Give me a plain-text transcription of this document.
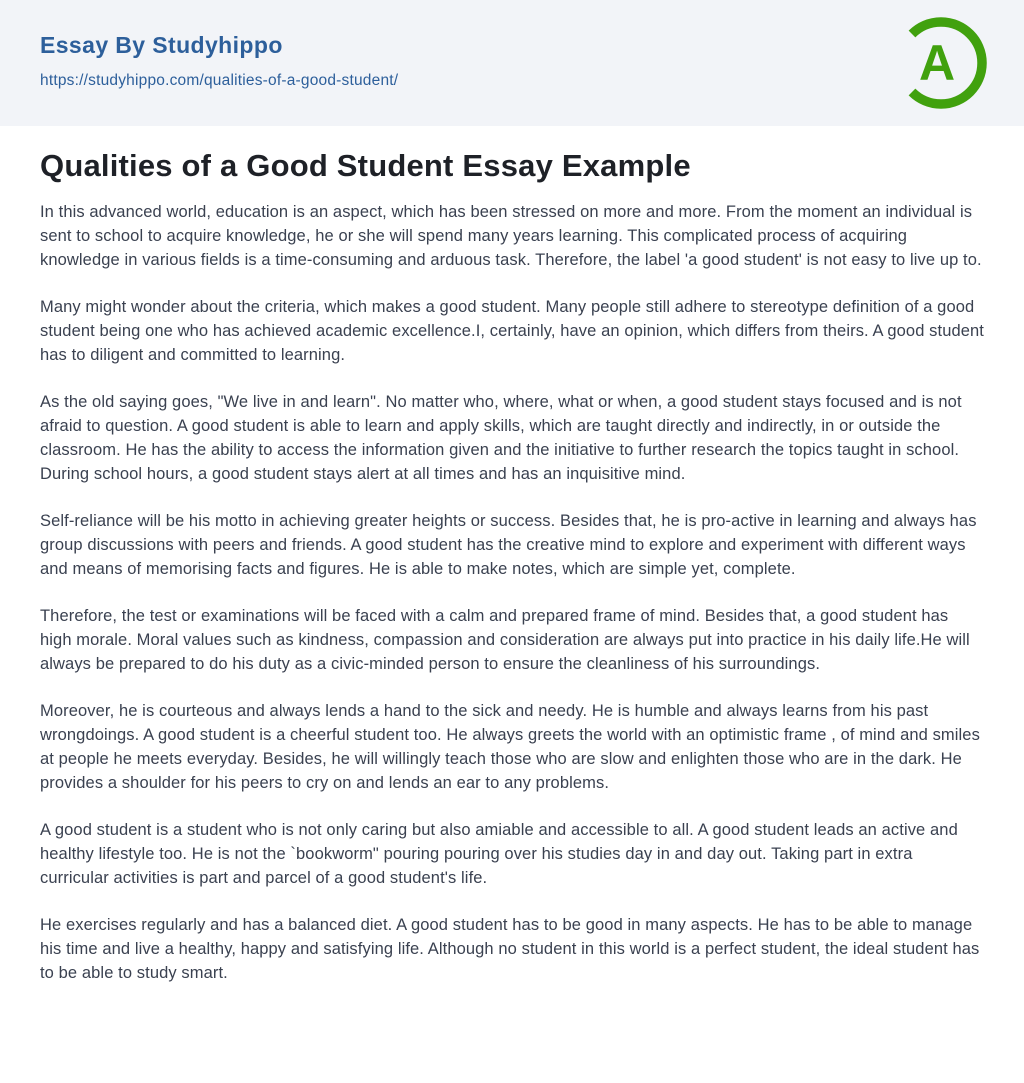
Essay By Studyhippo
https://studyhippo.com/qualities-of-a-good-student/	A
Qualities of a Good Student Essay Example

In this advanced world, education is an aspect, which has been stressed on more and more. From the moment an individual is sent to school to acquire knowledge, he or she will spend many years learning. This complicated process of acquiring knowledge in various fields is a time-consuming and arduous task. Therefore, the label 'a good student' is not easy to live up to.

Many might wonder about the criteria, which makes a good student. Many people still adhere to stereotype definition of a good student being one who has achieved academic excellence.I, certainly, have an opinion, which differs from theirs. A good student has to diligent and committed to learning.

As the old saying goes, "We live in and learn". No matter who, where, what or when, a good student stays focused and is not afraid to question. A good student is able to learn and apply skills, which are taught directly and indirectly, in or outside the classroom. He has the ability to access the information given and the initiative to further research the topics taught in school. During school hours, a good student stays alert at all times and has an inquisitive mind.

Self-reliance will be his motto in achieving greater heights or success. Besides that, he is pro-active in learning and always has group discussions with peers and friends. A good student has the creative mind to explore and experiment with different ways and means of memorising facts and figures. He is able to make notes, which are simple yet, complete.

Therefore, the test or examinations will be faced with a calm and prepared frame of mind. Besides that, a good student has high morale. Moral values such as kindness, compassion and consideration are always put into practice in his daily life.He will always be prepared to do his duty as a civic-minded person to ensure the cleanliness of his surroundings.

Moreover, he is courteous and always lends a hand to the sick and needy. He is humble and always learns from his past wrongdoings. A good student is a cheerful student too. He always greets the world with an optimistic frame , of mind and smiles at people he meets everyday. Besides, he will willingly teach those who are slow and enlighten those who are in the dark. He provides a shoulder for his peers to cry on and lends an ear to any problems.

A good student is a student who is not only caring but also amiable and accessible to all. A good student leads an active and healthy lifestyle too. He is not the `bookworm" pouring pouring over his studies day in and day out. Taking part in extra curricular activities is part and parcel of a good student's life.

He exercises regularly and has a balanced diet. A good student has to be good in many aspects. He has to be able to manage his time and live a healthy, happy and satisfying life. Although no student in this world is a perfect student, the ideal student has to be able to study smart.
